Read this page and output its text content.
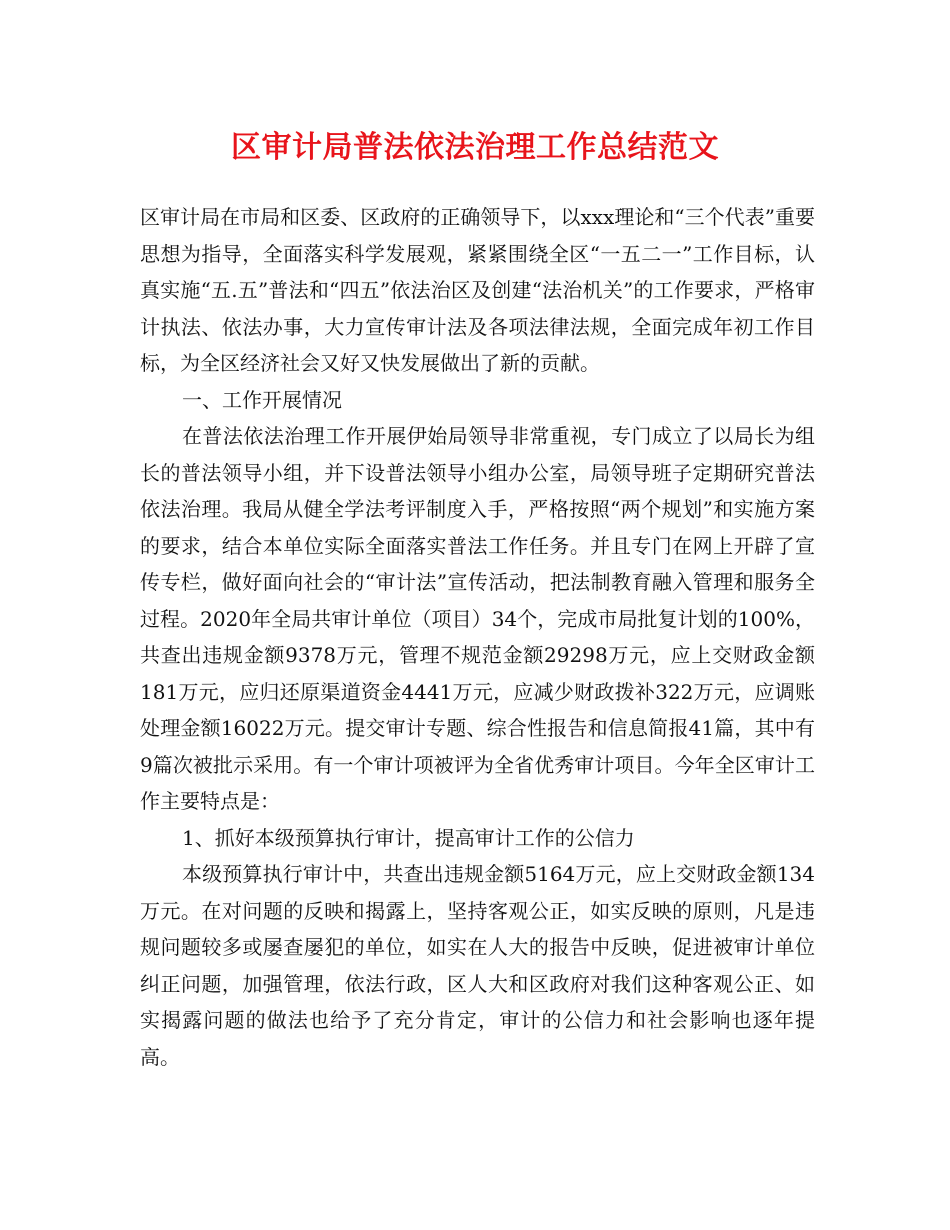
区审计局普法依法治理工作总结范文

区审计局在市局和区委、区政府的正确领导下，以xxx理论和“三个代表”重要思想为指导，全面落实科学发展观，紧紧围绕全区“一五二一”工作目标，认真实施“五.五”普法和“四五”依法治区及创建“法治机关”的工作要求，严格审计执法、依法办事，大力宣传审计法及各项法律法规，全面完成年初工作目标，为全区经济社会又好又快发展做出了新的贡献。

一、工作开展情况

在普法依法治理工作开展伊始局领导非常重视，专门成立了以局长为组长的普法领导小组，并下设普法领导小组办公室，局领导班子定期研究普法依法治理。我局从健全学法考评制度入手，严格按照“两个规划”和实施方案的要求，结合本单位实际全面落实普法工作任务。并且专门在网上开辟了宣传专栏，做好面向社会的“审计法”宣传活动，把法制教育融入管理和服务全过程。2020年全局共审计单位（项目）34个，完成市局批复计划的100%，共查出违规金额9378万元，管理不规范金额29298万元，应上交财政金额181万元，应归还原渠道资金4441万元，应减少财政拨补322万元，应调账处理金额16022万元。提交审计专题、综合性报告和信息简报41篇，其中有9篇次被批示采用。有一个审计项被评为全省优秀审计项目。今年全区审计工作主要特点是：

1、抓好本级预算执行审计，提高审计工作的公信力

本级预算执行审计中，共查出违规金额5164万元，应上交财政金额134万元。在对问题的反映和揭露上，坚持客观公正，如实反映的原则，凡是违规问题较多或屡查屡犯的单位，如实在人大的报告中反映，促进被审计单位纠正问题，加强管理，依法行政，区人大和区政府对我们这种客观公正、如实揭露问题的做法也给予了充分肯定，审计的公信力和社会影响也逐年提高。
